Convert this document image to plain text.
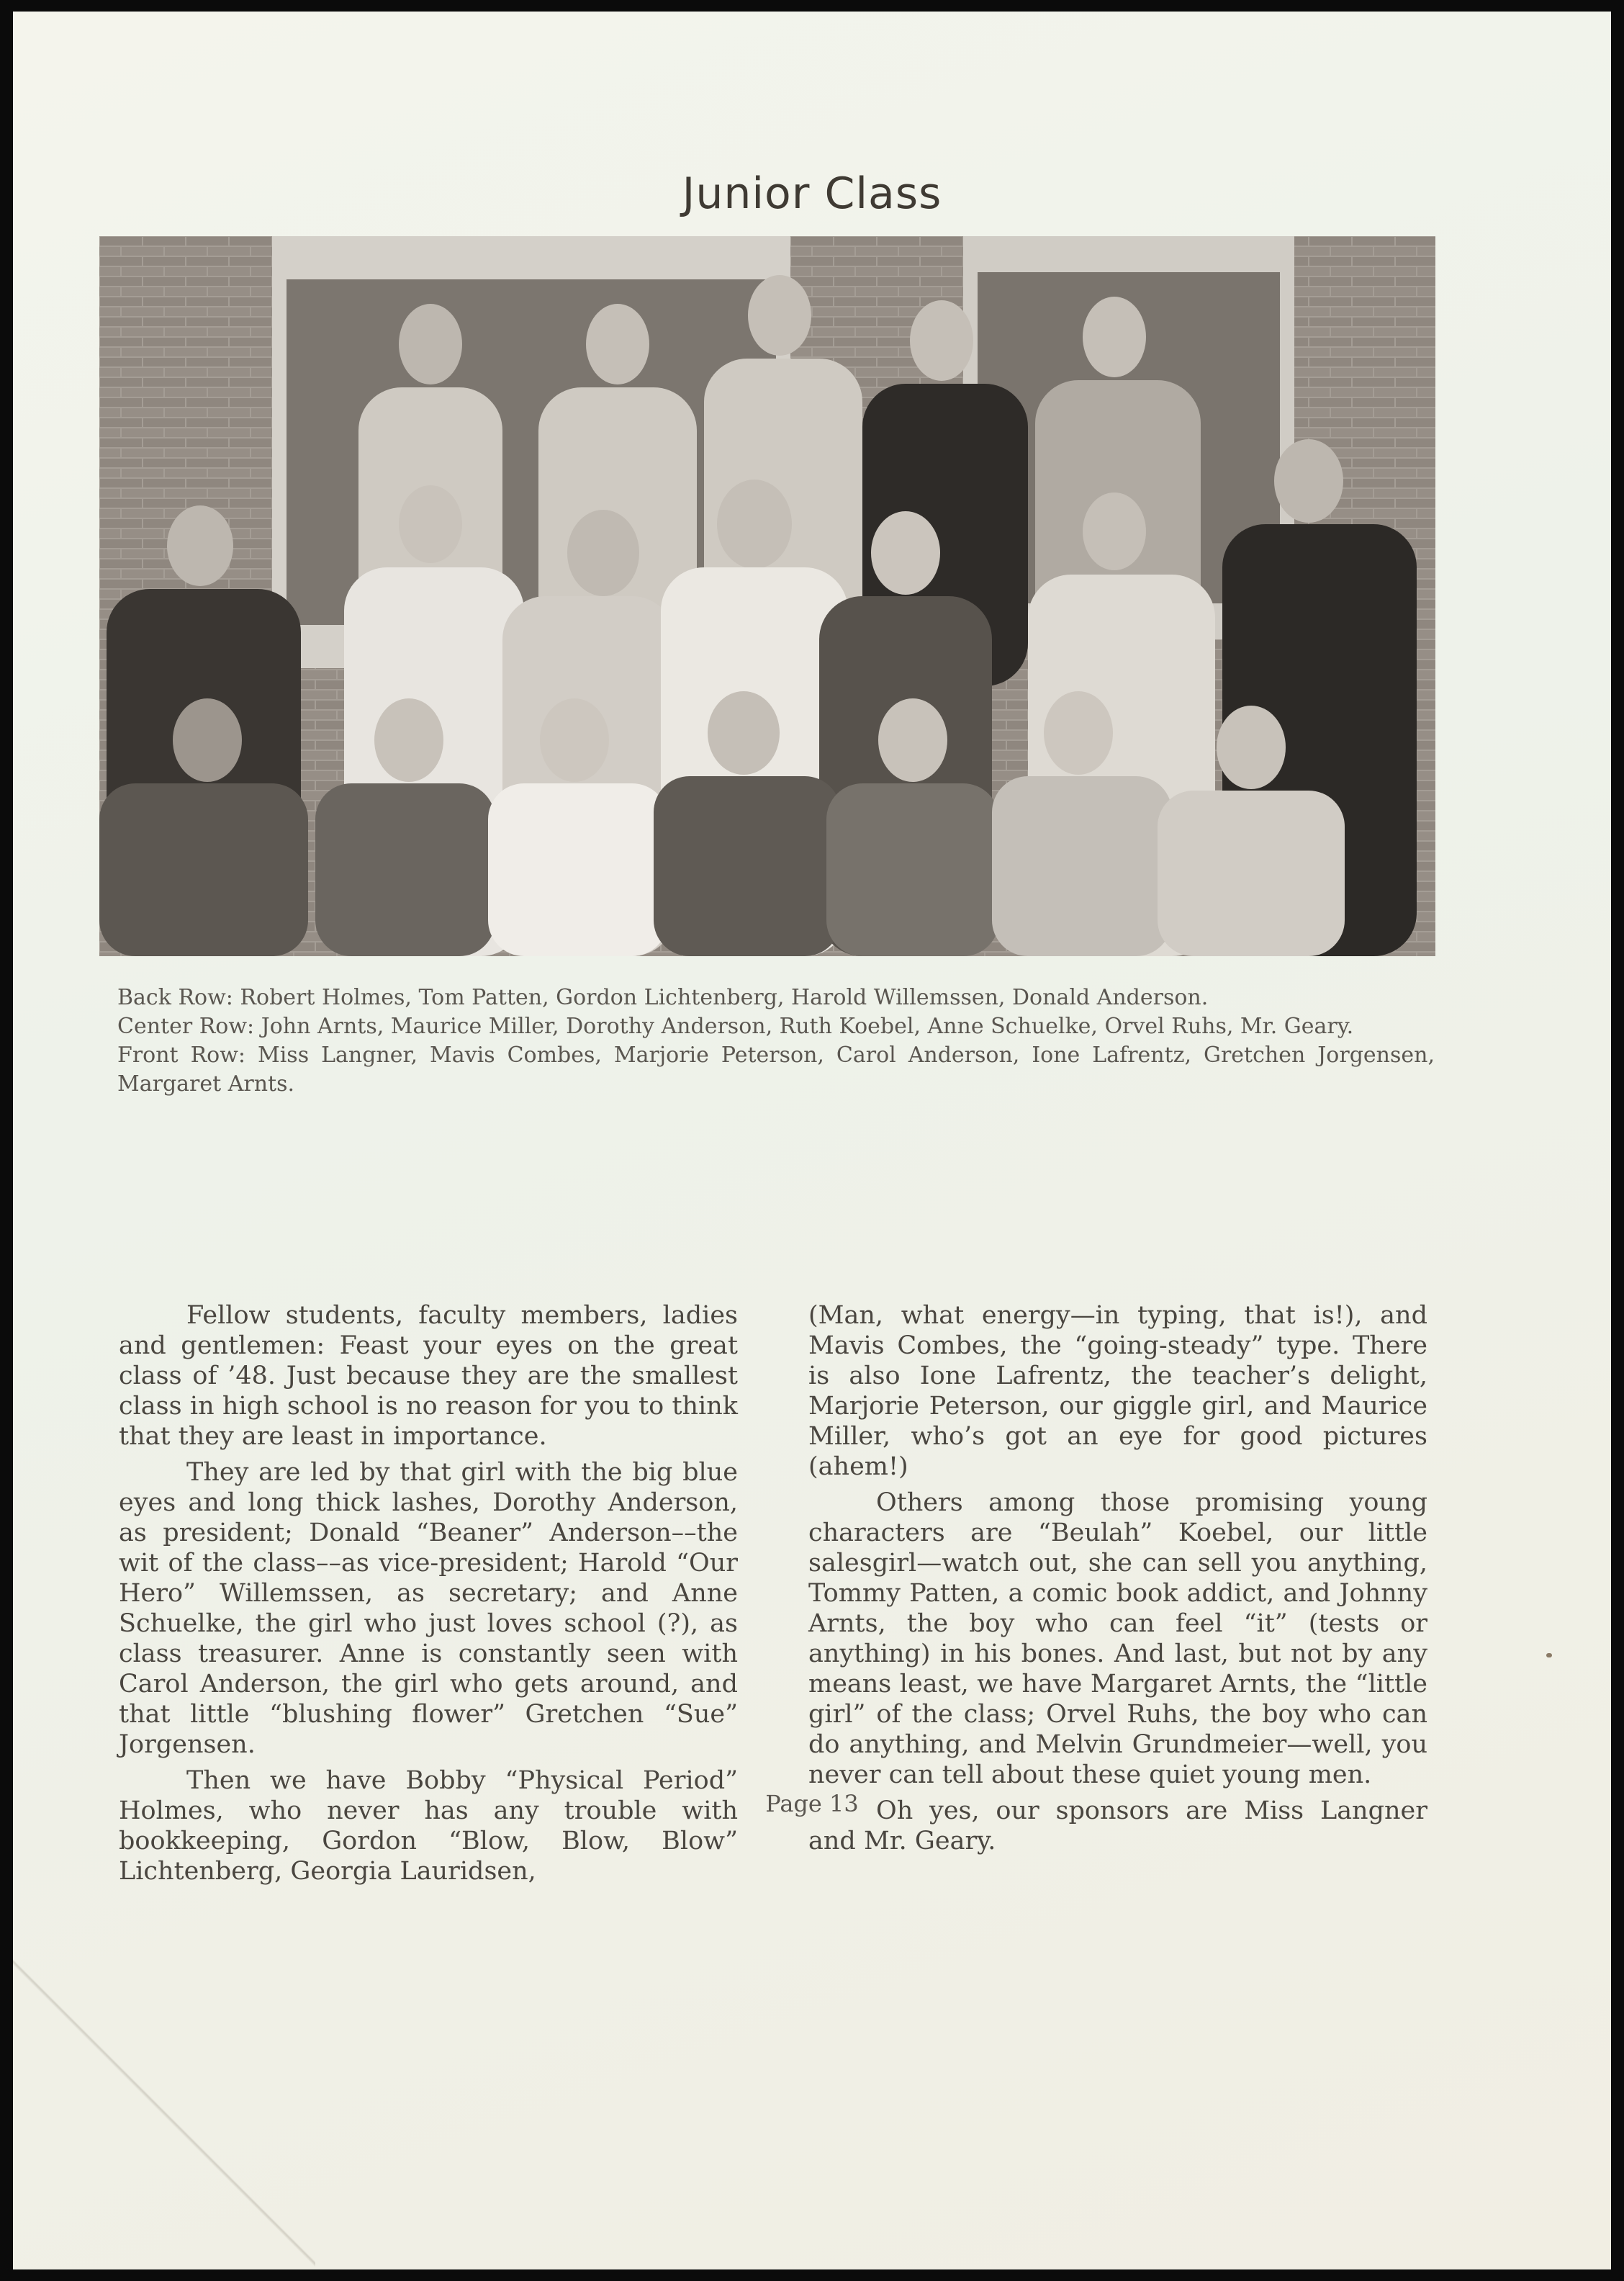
Junior Class

Back Row: Robert Holmes, Tom Patten, Gordon Lichtenberg, Harold Willemssen, Donald Anderson.

Center Row: John Arnts, Maurice Miller, Dorothy Anderson, Ruth Koebel, Anne Schuelke, Orvel Ruhs, Mr. Geary.

Front Row: Miss Langner, Mavis Combes, Marjorie Peterson, Carol Anderson, Ione Lafrentz, Gretchen Jorgensen, Margaret Arnts.

Fellow students, faculty members, ladies and gentlemen: Feast your eyes on the great class of ’48. Just because they are the smallest class in high school is no reason for you to think that they are least in importance.

They are led by that girl with the big blue eyes and long thick lashes, Dorothy Anderson, as president; Donald “Beaner” Anderson––the wit of the class––as vice-president; Harold “Our Hero” Willemssen, as secretary; and Anne Schuelke, the girl who just loves school (?), as class treasurer. Anne is constantly seen with Carol Anderson, the girl who gets around, and that little “blushing flower” Gretchen “Sue” Jorgensen.

Then we have Bobby “Physical Period” Holmes, who never has any trouble with bookkeeping, Gordon “Blow, Blow, Blow” Lichtenberg, Georgia Lauridsen,

(Man, what energy—in typing, that is!), and Mavis Combes, the “going-steady” type. There is also Ione Lafrentz, the teacher’s delight, Marjorie Peterson, our giggle girl, and Maurice Miller, who’s got an eye for good pictures (ahem!)

Others among those promising young characters are “Beulah” Koebel, our little salesgirl—watch out, she can sell you anything, Tommy Patten, a comic book addict, and Johnny Arnts, the boy who can feel “it” (tests or anything) in his bones. And last, but not by any means least, we have Margaret Arnts, the “little girl” of the class; Orvel Ruhs, the boy who can do anything, and Melvin Grundmeier—well, you never can tell about these quiet young men.

Oh yes, our sponsors are Miss Langner and Mr. Geary.

Page 13
